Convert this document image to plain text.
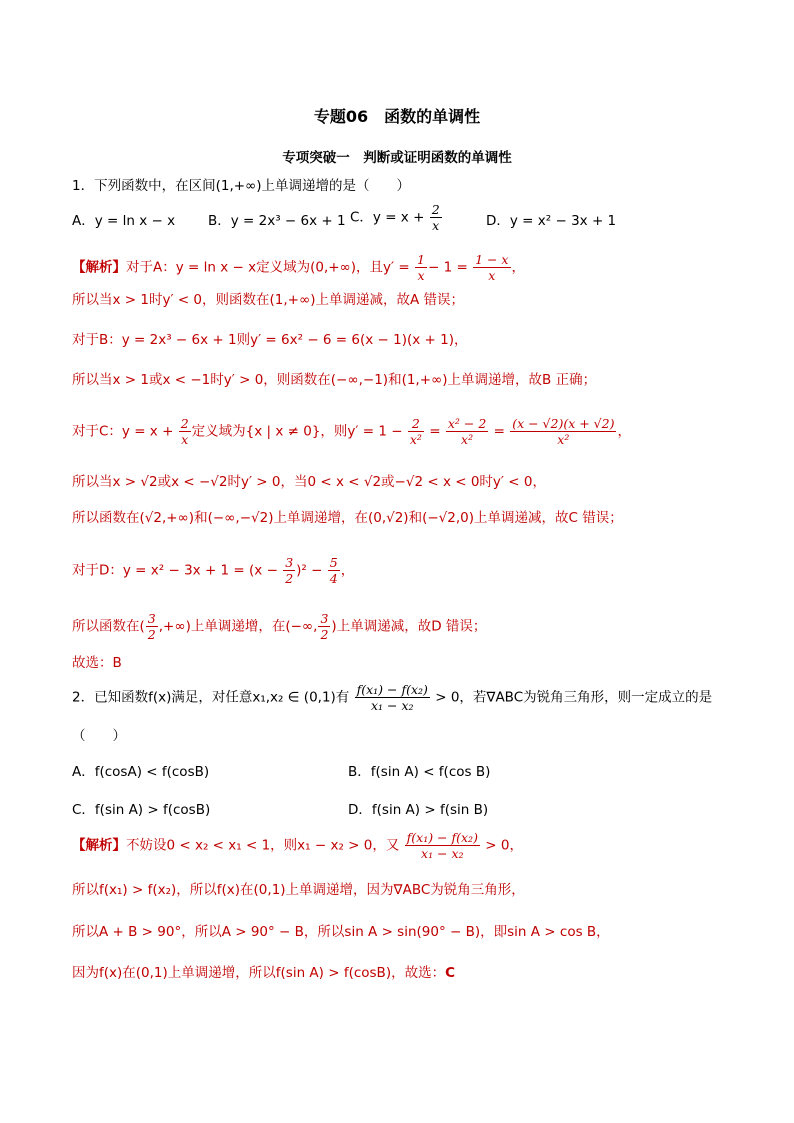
专题06　函数的单调性
专项突破一　判断或证明函数的单调性
1．下列函数中，在区间(1,+∞)上单调递增的是（　　）
A．y = ln x − x B．y = 2x³ − 6x + 1 C．$y = x + \frac{2}{x}$	D．y = x² − 3x + 1
【解析】对于A：y = ln x − x定义域为(0,+∞)，且$y' = \frac{1}{x} - 1 = \frac{1 - x}{x}$ ，
所以当x > 1时y′ < 0，则函数在(1,+∞)上单调递减，故A 错误；
对于B：y = 2x³ − 6x + 1则y′ = 6x² − 6 = 6(x − 1)(x + 1)，
所以当x > 1或x < −1时y′ > 0，则函数在(−∞,−1)和(1,+∞)上单调递增，故B 正确；
对于C：$y = x + \frac{2}{x}$ 定义域为{x | x ≠ 0}，则$y' = 1 - \frac{2}{\text{x²}} = \frac{\text{x² − 2}}{\text{x²}} = \frac{(x - √2)(x + √2)}{\text{x²}}$ ，
所以当x > √2或x < −√2时y′ > 0，当0 < x < √2或−√2 < x < 0时y′ < 0，
所以函数在(√2,+∞)和(−∞,−√2)上单调递增，在(0,√2)和(−√2,0)上单调递减，故C 错误；
对于D：$y = x^2 - 3x + 1 = (x - \frac{3}{2} )^2 - \frac{5}{4}$ ，
所以函数在( $\frac{3}{2}$ ,+∞)上单调递增，在(−∞, $\frac{3}{2}$ )上单调递减，故D 错误；
故选：B
2．已知函数f(x)满足，对任意x₁,x₂ ∈ (0,1)有 $\frac{\text{f(x₁) − f(x₂)}}{\text{x₁ − x₂}} > 0$，若∇ABC为锐角三角形，则一定成立的是
（　　）
A．f(cosA) < f(cosB)	B．f(sin A) < f(cos B)
C．f(sin A) > f(cosB)	D．f(sin A) > f(sin B)
【解析】不妨设0 < x₂ < x₁ < 1，则x₁ − x₂ > 0，又 $\frac{\text{f(x₁) − f(x₂)}}{\text{x₁ − x₂}} > 0$，
所以f(x₁) > f(x₂)，所以f(x)在(0,1)上单调递增，因为∇ABC为锐角三角形，
所以A + B > 90°，所以A > 90° − B，所以sin A > sin(90° − B)，即sin A > cos B，
因为f(x)在(0,1)上单调递增，所以f(sin A) > f(cosB)，故选：C
